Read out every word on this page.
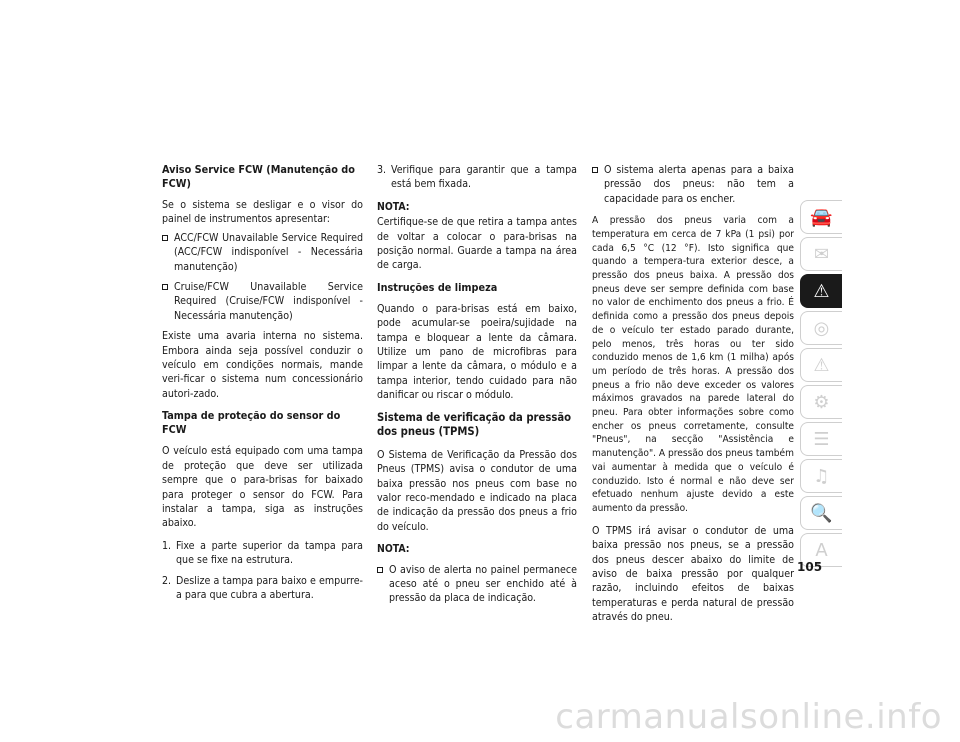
Aviso Service FCW (Manutenção do FCW)

Se o sistema se desligar e o visor do painel de instrumentos apresentar:

ACC/FCW Unavailable Service Required (ACC/FCW indisponível - Necessária manutenção)
Cruise/FCW Unavailable Service Required (Cruise/FCW indisponível - Necessária manutenção)

Existe uma avaria interna no sistema. Embora ainda seja possível conduzir o veículo em condições normais, mande veri-ficar o sistema num concessionário autori-zado.

Tampa de proteção do sensor do FCW

O veículo está equipado com uma tampa de proteção que deve ser utilizada sempre que o para-brisas for baixado para proteger o sensor do FCW. Para instalar a tampa, siga as instruções abaixo.

1. Fixe a parte superior da tampa para que se fixe na estrutura.
2. Deslize a tampa para baixo e empurre-a para que cubra a abertura.
3. Verifique para garantir que a tampa está bem fixada.
NOTA:

Certifique-se de que retira a tampa antes de voltar a colocar o para-brisas na posição normal. Guarde a tampa na área de carga.

Instruções de limpeza

Quando o para-brisas está em baixo, pode acumular-se poeira/sujidade na tampa e bloquear a lente da câmara. Utilize um pano de microfibras para limpar a lente da câmara, o módulo e a tampa interior, tendo cuidado para não danificar ou riscar o módulo.

Sistema de verificação da pressão dos pneus (TPMS)

O Sistema de Verificação da Pressão dos Pneus (TPMS) avisa o condutor de uma baixa pressão nos pneus com base no valor reco-mendado e indicado na placa de indicação da pressão dos pneus a frio do veículo.

NOTA:
O aviso de alerta no painel permanece aceso até o pneu ser enchido até à pressão da placa de indicação.
O sistema alerta apenas para a baixa pressão dos pneus: não tem a capacidade para os encher.

A pressão dos pneus varia com a temperatura em cerca de 7 kPa (1 psi) por cada 6,5 °C (12 °F). Isto significa que quando a tempera-tura exterior desce, a pressão dos pneus baixa. A pressão dos pneus deve ser sempre definida com base no valor de enchimento dos pneus a frio. É definida como a pressão dos pneus depois de o veículo ter estado parado durante, pelo menos, três horas ou ter sido conduzido menos de 1,6 km (1 milha) após um período de três horas. A pressão dos pneus a frio não deve exceder os valores máximos gravados na parede lateral do pneu. Para obter informações sobre como encher os pneus corretamente, consulte "Pneus", na secção "Assistência e manutenção". A pressão dos pneus também vai aumentar à medida que o veículo é conduzido. Isto é normal e não deve ser efetuado nenhum ajuste devido a este aumento da pressão.

O TPMS irá avisar o condutor de uma baixa pressão nos pneus, se a pressão dos pneus descer abaixo do limite de aviso de baixa pressão por qualquer razão, incluindo efeitos de baixas temperaturas e perda natural de pressão através do pneu.

🚘
✉
⚠
◎
⚠
⚙
☰
♫
🔍
A
105
carmanualsonline.info
